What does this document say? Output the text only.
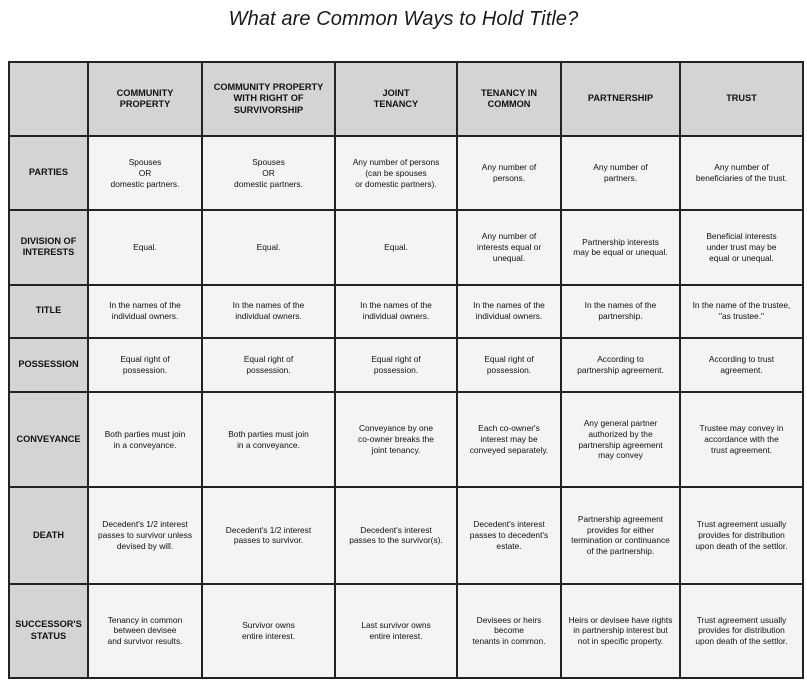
What are Common Ways to Hold Title?
	COMMUNITY
PROPERTY	COMMUNITY PROPERTY
WITH RIGHT OF
SURVIVORSHIP	JOINT
TENANCY	TENANCY IN
COMMON	PARTNERSHIP	TRUST
PARTIES	Spouses
OR
domestic partners.	Spouses
OR
domestic partners.	Any number of persons
(can be spouses
or domestic partners).	Any number of
persons.	Any number of
partners.	Any number of
beneficiaries of the trust.
DIVISION OF
INTERESTS	Equal.	Equal.	Equal.	Any number of
interests equal or
unequal.	Partnership interests
may be equal or unequal.	Beneficial interests
under trust may be
equal or unequal.
TITLE	In the names of the
individual owners.	In the names of the
individual owners.	In the names of the
individual owners.	In the names of the
individual owners.	In the names of the
partnership.	In the name of the trustee,
"as trustee."
POSSESSION	Equal right of
possession.	Equal right of
possession.	Equal right of
possession.	Equal right of
possession.	According to
partnership agreement.	According to trust
agreement.
CONVEYANCE	Both parties must join
in a conveyance.	Both parties must join
in a conveyance.	Conveyance by one
co-owner breaks the
joint tenancy.	Each co-owner's
interest may be
conveyed separately.	Any general partner
authorized by the
partnership agreement
may convey	Trustee may convey in
accordance with the
trust agreement.
DEATH	Decedent's 1/2 interest
passes to survivor unless
devised by will.	Decedent's 1/2 interest
passes to survivor.	Decedent's interest
passes to the survivor(s).	Decedent's interest
passes to decedent's
estate.	Partnership agreement
provides for either
termination or continuance
of the partnership.	Trust agreement usually
provides for distribution
upon death of the settlor.
SUCCESSOR'S
STATUS	Tenancy in common
between devisee
and survivor results.	Survivor owns
entire interest.	Last survivor owns
entire interest.	Devisees or heirs become
tenants in common.	Heirs or devisee have rights
in partnership interest but
not in specific property.	Trust agreement usually
provides for distribution
upon death of the settlor.
